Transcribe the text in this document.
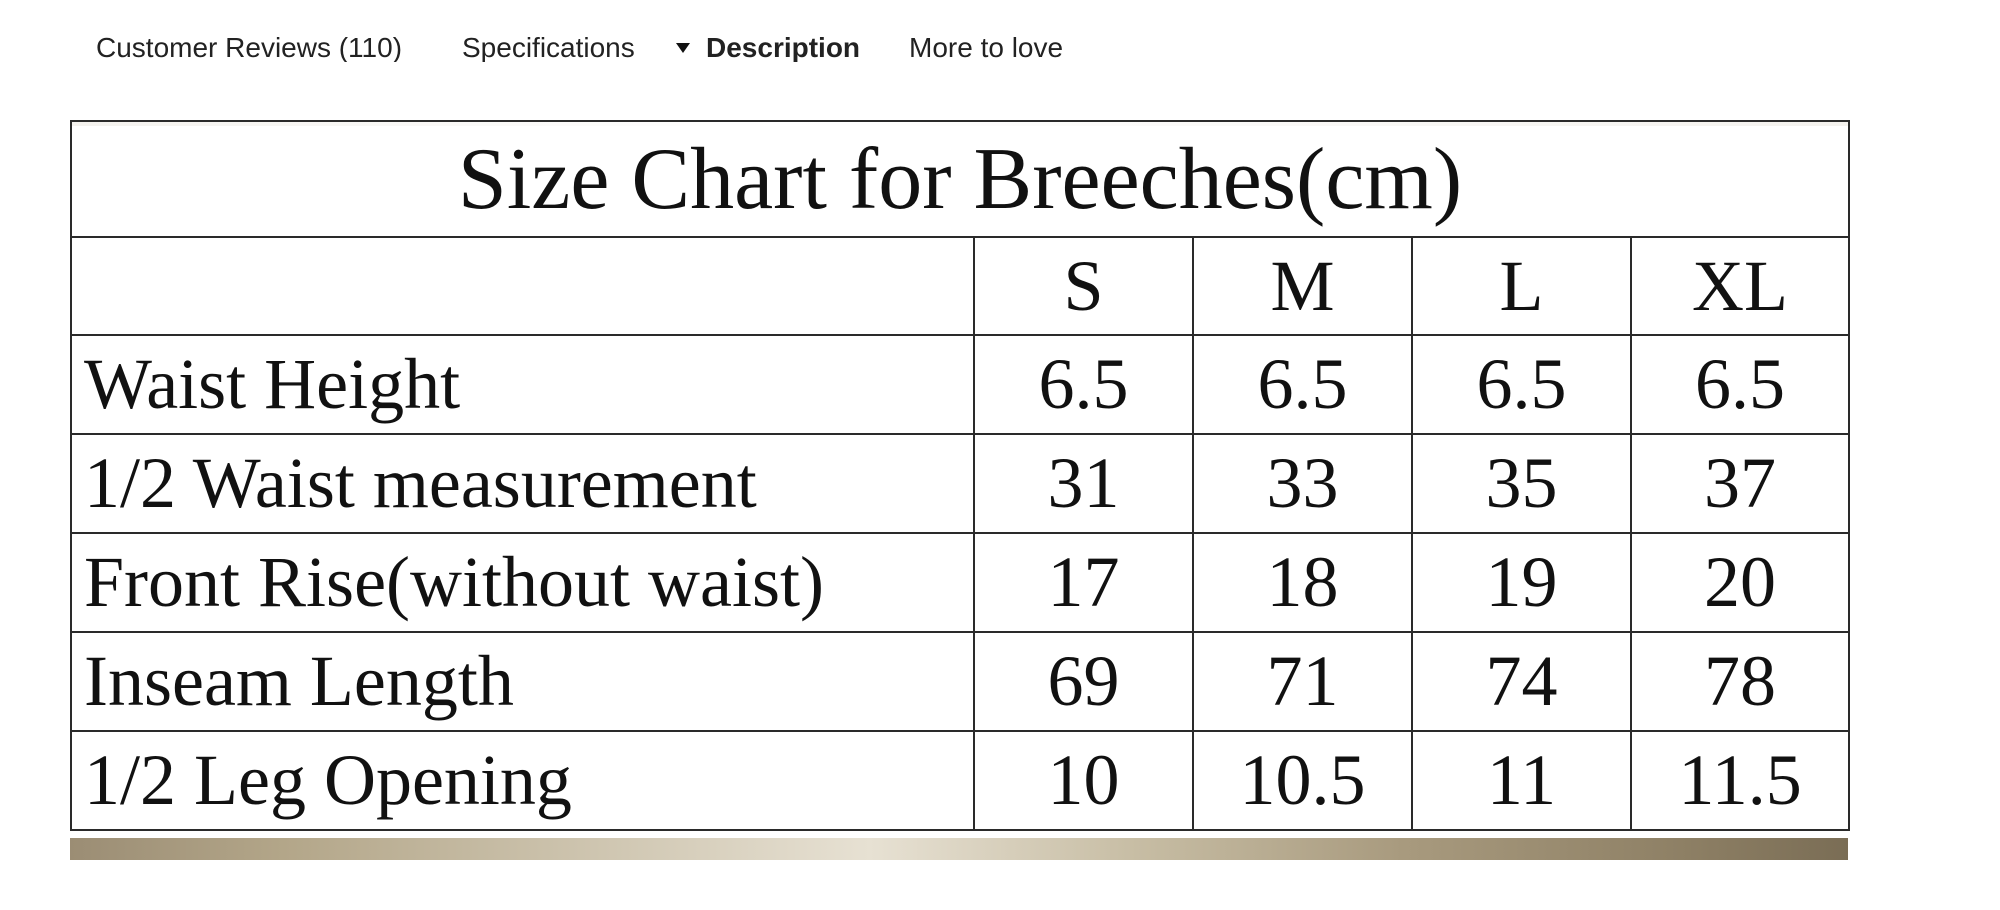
Customer Reviews (110) Specifications	Description More to love
Size Chart for Breeches(cm)				
	S	M	L	XL
Waist Height	6.5	6.5	6.5	6.5
1/2 Waist measurement	31	33	35	37
Front Rise(without waist)	17	18	19	20
Inseam Length	69	71	74	78
1/2 Leg Opening	10	10.5	11	11.5
